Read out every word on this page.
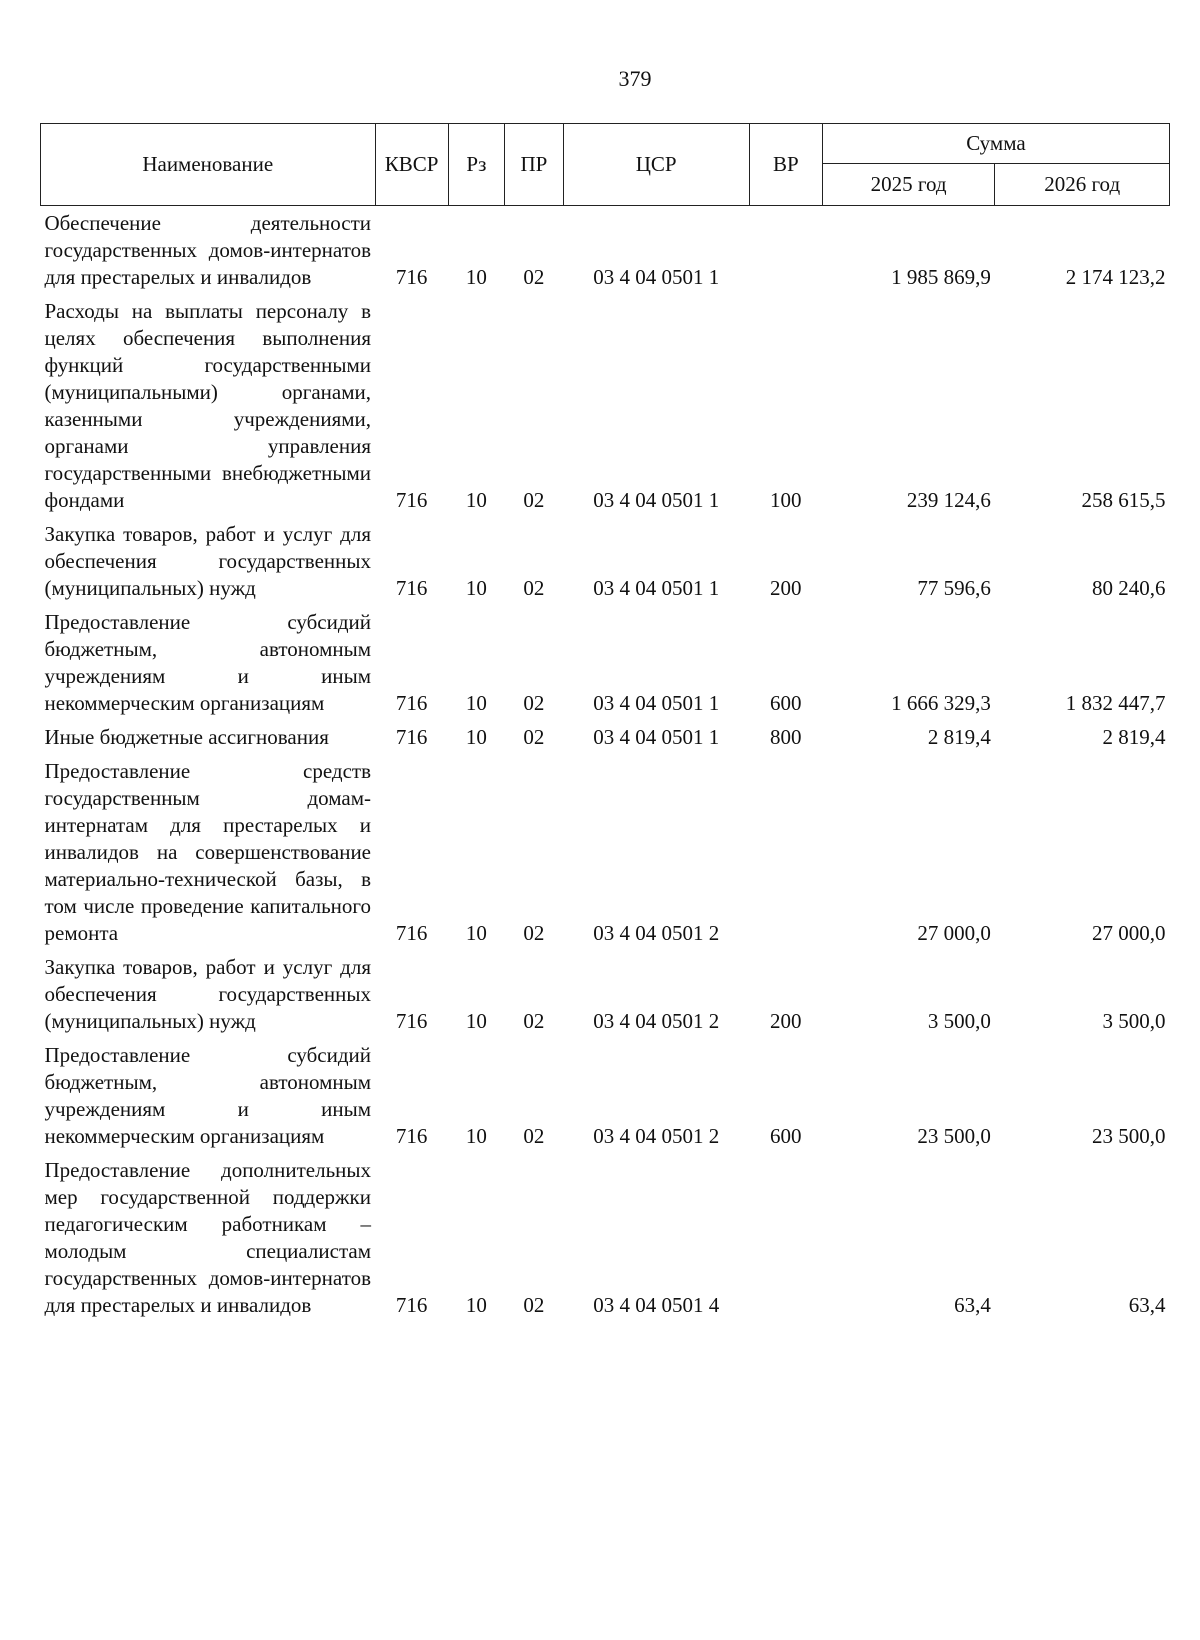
379
Наименование	КВСР	Рз	ПР	ЦСР	ВР	Сумма	
						2025 год	2026 год
Обеспечение деятельности государственных домов-интернатов для престарелых и инвалидов	716	10	02	03 4 04 0501 1		1 985 869,9	2 174 123,2
Расходы на выплаты персоналу в целях обеспечения выполнения функций государственными (муниципальными) органами, казенными учреждениями, органами управления государственными внебюджетными фондами	716	10	02	03 4 04 0501 1	100	239 124,6	258 615,5
Закупка товаров, работ и услуг для обеспечения государственных (муниципальных) нужд	716	10	02	03 4 04 0501 1	200	77 596,6	80 240,6
Предоставление субсидий бюджетным, автономным учреждениям и иным некоммерческим организациям	716	10	02	03 4 04 0501 1	600	1 666 329,3	1 832 447,7
Иные бюджетные ассигнования	716	10	02	03 4 04 0501 1	800	2 819,4	2 819,4
Предоставление средств государственным домам-интернатам для престарелых и инвалидов на совершенствование материально-технической базы, в том числе проведение капитального ремонта	716	10	02	03 4 04 0501 2		27 000,0	27 000,0
Закупка товаров, работ и услуг для обеспечения государственных (муниципальных) нужд	716	10	02	03 4 04 0501 2	200	3 500,0	3 500,0
Предоставление субсидий бюджетным, автономным учреждениям и иным некоммерческим организациям	716	10	02	03 4 04 0501 2	600	23 500,0	23 500,0
Предоставление дополнительных мер государственной поддержки педагогическим работникам – молодым специалистам государственных домов-интернатов для престарелых и инвалидов	716	10	02	03 4 04 0501 4		63,4	63,4
